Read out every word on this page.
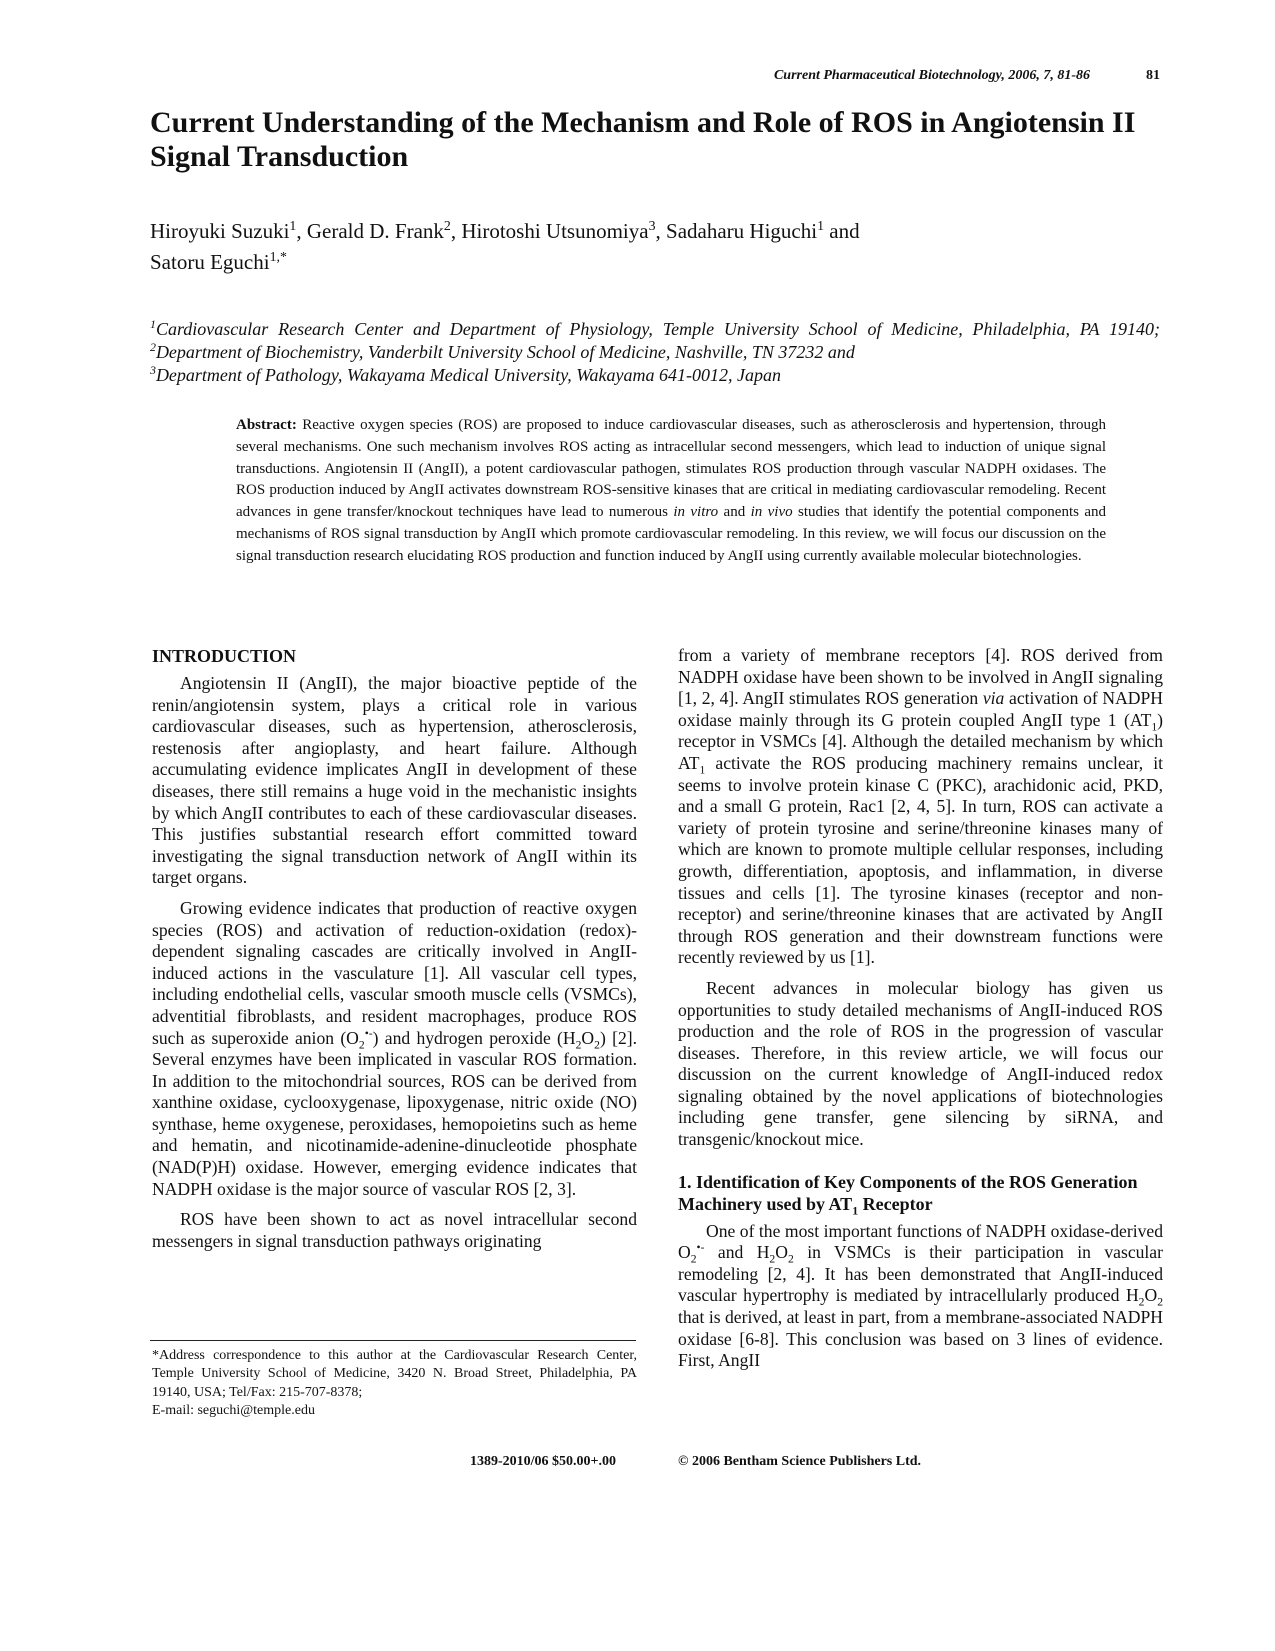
Current Pharmaceutical Biotechnology, 2006, 7, 81-86	81
Current Understanding of the Mechanism and Role of ROS in Angiotensin II Signal Transduction
Hiroyuki Suzuki$^1$, Gerald D. Frank$^2$, Hirotoshi Utsunomiya$^3$, Sadaharu Higuchi$^1$ and
Satoru Eguchi$^{1,*}$
$^1$Cardiovascular Research Center and Department of Physiology, Temple University School of Medicine, Philadelphia, PA 19140; $^2$Department of Biochemistry, Vanderbilt University School of Medicine, Nashville, TN 37232 and
$^3$Department of Pathology, Wakayama Medical University, Wakayama 641-0012, Japan
Abstract: Reactive oxygen species (ROS) are proposed to induce cardiovascular diseases, such as atherosclerosis and hypertension, through several mechanisms. One such mechanism involves ROS acting as intracellular second messengers, which lead to induction of unique signal transductions. Angiotensin II (AngII), a potent cardiovascular pathogen, stimulates ROS production through vascular NADPH oxidases. The ROS production induced by AngII activates downstream ROS-sensitive kinases that are critical in mediating cardiovascular remodeling. Recent advances in gene transfer/knockout techniques have lead to numerous in vitro and in vivo studies that identify the potential components and mechanisms of ROS signal transduction by AngII which promote cardiovascular remodeling. In this review, we will focus our discussion on the signal transduction research elucidating ROS production and function induced by AngII using currently available molecular biotechnologies.
INTRODUCTION

Angiotensin II (AngII), the major bioactive peptide of the renin/angiotensin system, plays a critical role in various cardiovascular diseases, such as hypertension, atherosclerosis, restenosis after angioplasty, and heart failure. Although accumulating evidence implicates AngII in development of these diseases, there still remains a huge void in the mechanistic insights by which AngII contributes to each of these cardiovascular diseases. This justifies substantial research effort committed toward investigating the signal transduction network of AngII within its target organs.

Growing evidence indicates that production of reactive oxygen species (ROS) and activation of reduction-oxidation (redox)-dependent signaling cascades are critically involved in AngII-induced actions in the vasculature [1]. All vascular cell types, including endothelial cells, vascular smooth muscle cells (VSMCs), adventitial fibroblasts, and resident macrophages, produce ROS such as superoxide anion $(O_2^{•-})$ and hydrogen peroxide $(H_2O_2)$ [2]. Several enzymes have been implicated in vascular ROS formation. In addition to the mitochondrial sources, ROS can be derived from xanthine oxidase, cyclooxygenase, lipoxygenase, nitric oxide (NO) synthase, heme oxygenese, peroxidases, hemopoietins such as heme and hematin, and nicotinamide-adenine-dinucleotide phosphate (NAD(P)H) oxidase. However, emerging evidence indicates that NADPH oxidase is the major source of vascular ROS [2, 3].

ROS have been shown to act as novel intracellular second messengers in signal transduction pathways originating

from a variety of membrane receptors [4]. ROS derived from NADPH oxidase have been shown to be involved in AngII signaling [1, 2, 4]. AngII stimulates ROS generation via activation of NADPH oxidase mainly through its G protein coupled AngII type 1 $(AT_1)$ receptor in VSMCs [4]. Although the detailed mechanism by which $AT_1$ activate the ROS producing machinery remains unclear, it seems to involve protein kinase C (PKC), arachidonic acid, PKD, and a small G protein, Rac1 [2, 4, 5]. In turn, ROS can activate a variety of protein tyrosine and serine/threonine kinases many of which are known to promote multiple cellular responses, including growth, differentiation, apoptosis, and inflammation, in diverse tissues and cells [1]. The tyrosine kinases (receptor and non-receptor) and serine/threonine kinases that are activated by AngII through ROS generation and their downstream functions were recently reviewed by us [1].

Recent advances in molecular biology has given us opportunities to study detailed mechanisms of AngII-induced ROS production and the role of ROS in the progression of vascular diseases. Therefore, in this review article, we will focus our discussion on the current knowledge of AngII-induced redox signaling obtained by the novel applications of biotechnologies including gene transfer, gene silencing by siRNA, and transgenic/knockout mice.

1. Identification of Key Components of the ROS Generation Machinery used by $AT_1$ Receptor

One of the most important functions of NADPH oxidase-derived $O_2^{•-}$ and $H_2O_2$ in VSMCs is their participation in vascular remodeling [2, 4]. It has been demonstrated that AngII-induced vascular hypertrophy is mediated by intracellularly produced $H_2O_2$ that is derived, at least in part, from a membrane-associated NADPH oxidase [6-8]. This conclusion was based on 3 lines of evidence. First, AngII

*Address correspondence to this author at the Cardiovascular Research Center, Temple University School of Medicine, 3420 N. Broad Street, Philadelphia, PA 19140, USA; Tel/Fax: 215-707-8378;
E-mail: seguchi@temple.edu
1389-2010/06 $50.00+.00	© 2006 Bentham Science Publishers Ltd.
